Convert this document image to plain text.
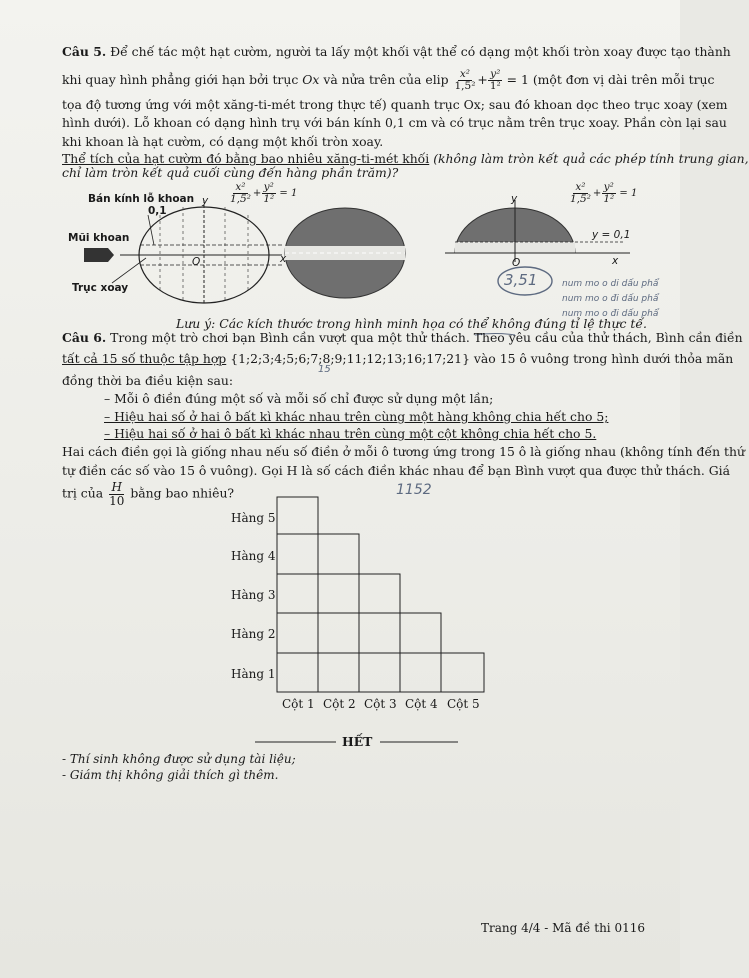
Câu 5. Để chế tác một hạt cườm, người ta lấy một khối vật thể có dạng một khối tròn xoay được tạo thành
khi quay hình phẳng giới hạn bởi trục Ox và nửa trên của elip $\frac{\text{x²}}{\text{1,5²}} + \frac{\text{y²}}{\text{1²}} = 1$ (một đơn vị dài trên mỗi trục
tọa độ tương ứng với một xăng-ti-mét trong thực tế) quanh trục Ox; sau đó khoan dọc theo trục xoay (xem
hình dưới). Lỗ khoan có dạng hình trụ với bán kính 0,1 cm và có trục nằm trên trục xoay. Phần còn lại sau
khi khoan là hạt cườm, có dạng một khối tròn xoay.
Thể tích của hạt cườm đó bằng bao nhiêu xăng-ti-mét khối (không làm tròn kết quả các phép tính trung gian,
chỉ làm tròn kết quả cuối cùng đến hàng phần trăm)?
Bán kính lỗ khoan
0,1
Mũi khoan
Trục xoay
y
x
O
$\frac{\text{x²}}{\text{1,5²}} + \frac{\text{y²}}{\text{1²}} = 1$	$\frac{\text{x²}}{\text{1,5²}} + \frac{\text{y²}}{\text{1²}} = 1$
y
x
O
y = 0,1
3,51	num mo o di dấu phẩ
num mo o đi dấu phẩ
num mo o đi dấu phẩ
Lưu ý: Các kích thước trong hình minh họa có thể không đúng tỉ lệ thực tế.
Câu 6. Trong một trò chơi bạn Bình cần vượt qua một thử thách. Theo yêu cầu của thử thách, Bình cần điền
tất cả 15 số thuộc tập hợp {1;2;3;4;5;6;7;8;9;11;12;13;16;17;21} vào 15 ô vuông trong hình dưới thỏa mãn
15
đồng thời ba điều kiện sau:
– Mỗi ô điền đúng một số và mỗi số chỉ được sử dụng một lần;
– Hiệu hai số ở hai ô bất kì khác nhau trên cùng một hàng không chia hết cho 5;
– Hiệu hai số ở hai ô bất kì khác nhau trên cùng một cột không chia hết cho 5.
Hai cách điền gọi là giống nhau nếu số điền ở mỗi ô tương ứng trong 15 ô là giống nhau (không tính đến thứ
tự điền các số vào 15 ô vuông). Gọi H là số cách điền khác nhau để bạn Bình vượt qua được thử thách. Giá
trị của $\frac{H}{10}$ bằng bao nhiêu?	1152
Hàng 5
Hàng 4
Hàng 3
Hàng 2
Hàng 1
Cột 1 Cột 2 Cột 3 Cột 4 Cột 5
HẾT
- Thí sinh không được sử dụng tài liệu;
- Giám thị không giải thích gì thêm.
Trang 4/4 - Mã đề thi 0116
